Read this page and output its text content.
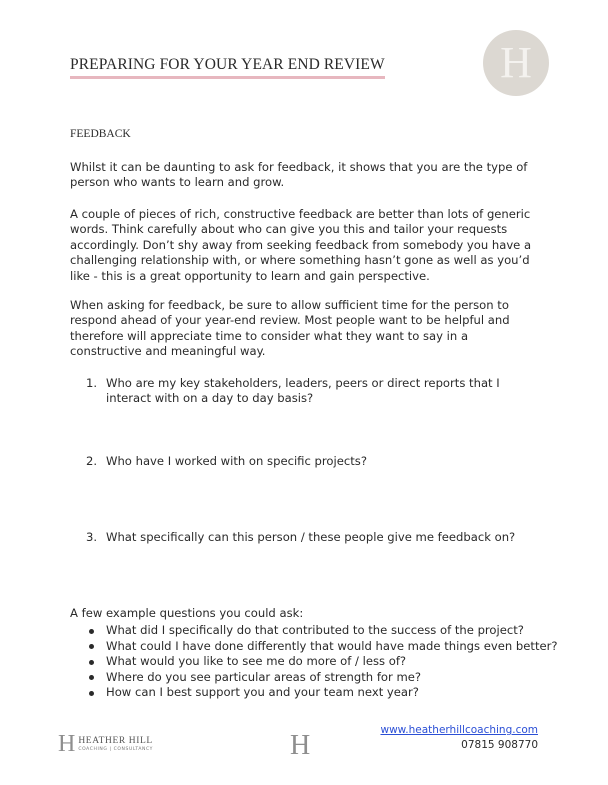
PREPARING FOR YOUR YEAR END REVIEW	H
FEEDBACK

Whilst it can be daunting to ask for feedback, it shows that you are the type of person who wants to learn and grow.

A couple of pieces of rich, constructive feedback are better than lots of generic words. Think carefully about who can give you this and tailor your requests accordingly. Don’t shy away from seeking feedback from somebody you have a challenging relationship with, or where something hasn’t gone as well as you’d like - this is a great opportunity to learn and gain perspective.

When asking for feedback, be sure to allow sufficient time for the person to respond ahead of your year-end review. Most people want to be helpful and therefore will appreciate time to consider what they want to say in a constructive and meaningful way.

1. Who are my key stakeholders, leaders, peers or direct reports that I interact with on a day to day basis?
2. Who have I worked with on specific projects?
3. What specifically can this person / these people give me feedback on?
A few example questions you could ask:
What did I specifically do that contributed to the success of the project?
What could I have done differently that would have made things even better?
What would you like to see me do more of / less of?
Where do you see particular areas of strength for me?
How can I best support you and your team next year?
H HEATHER HILL
COACHING | CONSULTANCY	H	www.heatherhillcoaching.com
07815 908770
